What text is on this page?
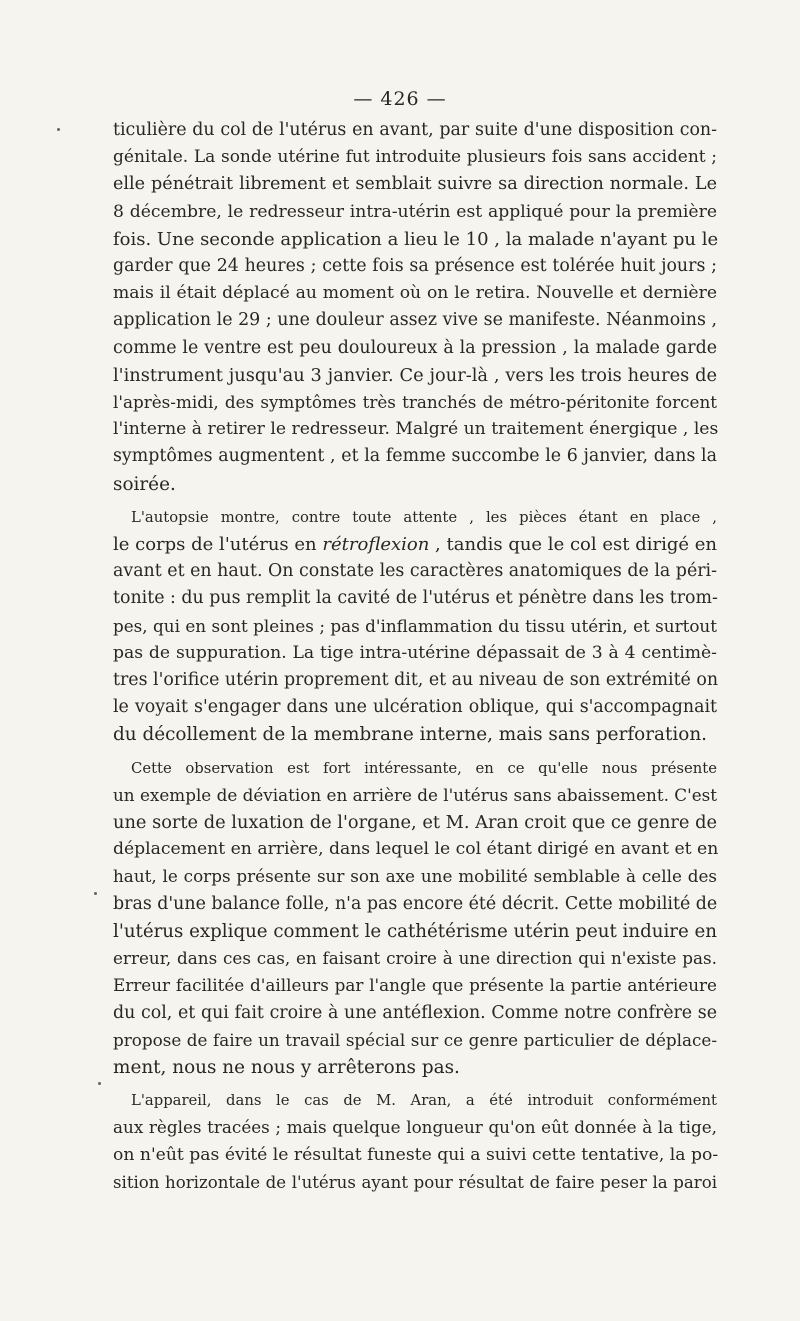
— 426 —

ticulière du col de l'utérus en avant, par suite d'une disposition con-
génitale. La sonde utérine fut introduite plusieurs fois sans accident ;
elle pénétrait librement et semblait suivre sa direction normale. Le
8 décembre, le redresseur intra-utérin est appliqué pour la première
fois. Une seconde application a lieu le 10 , la malade n'ayant pu le
garder que 24 heures ; cette fois sa présence est tolérée huit jours ;
mais il était déplacé au moment où on le retira. Nouvelle et dernière
application le 29 ; une douleur assez vive se manifeste. Néanmoins ,
comme le ventre est peu douloureux à la pression , la malade garde
l'instrument jusqu'au 3 janvier. Ce jour-là , vers les trois heures de
l'après-midi, des symptômes très tranchés de métro-péritonite forcent
l'interne à retirer le redresseur. Malgré un traitement énergique , les
symptômes augmentent , et la femme succombe le 6 janvier, dans la
soirée.

L'autopsie montre, contre toute attente , les pièces étant en place ,
le corps de l'utérus en rétroflexion , tandis que le col est dirigé en
avant et en haut. On constate les caractères anatomiques de la péri-
tonite : du pus remplit la cavité de l'utérus et pénètre dans les trom-
pes, qui en sont pleines ; pas d'inflammation du tissu utérin, et surtout
pas de suppuration. La tige intra-utérine dépassait de 3 à 4 centimè-
tres l'orifice utérin proprement dit, et au niveau de son extrémité on
le voyait s'engager dans une ulcération oblique, qui s'accompagnait
du décollement de la membrane interne, mais sans perforation.

Cette observation est fort intéressante, en ce qu'elle nous présente
un exemple de déviation en arrière de l'utérus sans abaissement. C'est
une sorte de luxation de l'organe, et M. Aran croit que ce genre de
déplacement en arrière, dans lequel le col étant dirigé en avant et en
haut, le corps présente sur son axe une mobilité semblable à celle des
bras d'une balance folle, n'a pas encore été décrit. Cette mobilité de
l'utérus explique comment le cathétérisme utérin peut induire en
erreur, dans ces cas, en faisant croire à une direction qui n'existe pas.
Erreur facilitée d'ailleurs par l'angle que présente la partie antérieure
du col, et qui fait croire à une antéflexion. Comme notre confrère se
propose de faire un travail spécial sur ce genre particulier de déplace-
ment, nous ne nous y arrêterons pas.

L'appareil, dans le cas de M. Aran, a été introduit conformément
aux règles tracées ; mais quelque longueur qu'on eût donnée à la tige,
on n'eût pas évité le résultat funeste qui a suivi cette tentative, la po-
sition horizontale de l'utérus ayant pour résultat de faire peser la paroi
